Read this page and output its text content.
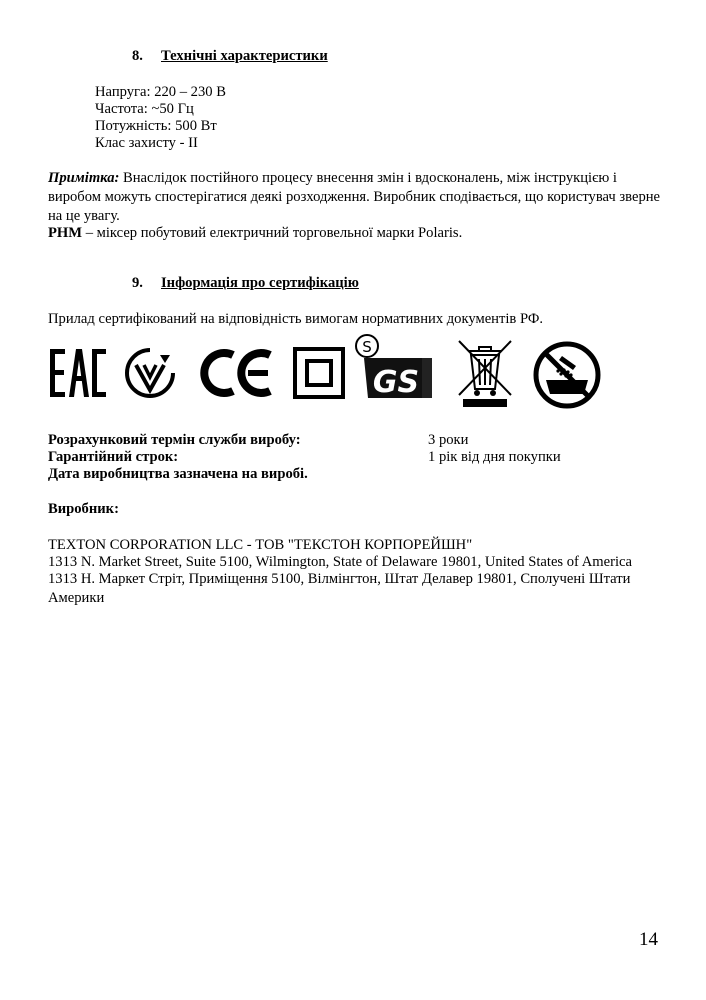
8. Технічні характеристики
Напруга: 220 – 230 В
Частота: ~50 Гц
Потужність: 500 Вт
Клас захисту - II
Примітка: Внаслідок постійного процесу внесення змін і вдосконалень, між інструкцією і виробом можуть спостерігатися деякі розходження. Виробник сподівається, що користувач зверне на це увагу.
PHM – міксер побутовий електричний торговельної марки Polaris.
9. Інформація про сертифікацію
Прилад сертифікований на відповідність вимогам нормативних документів РФ.
S
GS
Розрахунковий термін служби виробу:	3 роки
Гарантійний строк:	1 рік від дня покупки
Дата виробництва зазначена на виробі.
Виробник:
TEXTON CORPORATION LLC - ТОВ "ТЕКСТОН КОРПОРЕЙШН"
1313 N. Market Street, Suite 5100, Wilmington, State of Delaware 19801, United States of America
1313 Н. Маркет Стріт, Приміщення 5100, Вілмінгтон, Штат Делавер 19801, Сполучені Штати Америки
14
